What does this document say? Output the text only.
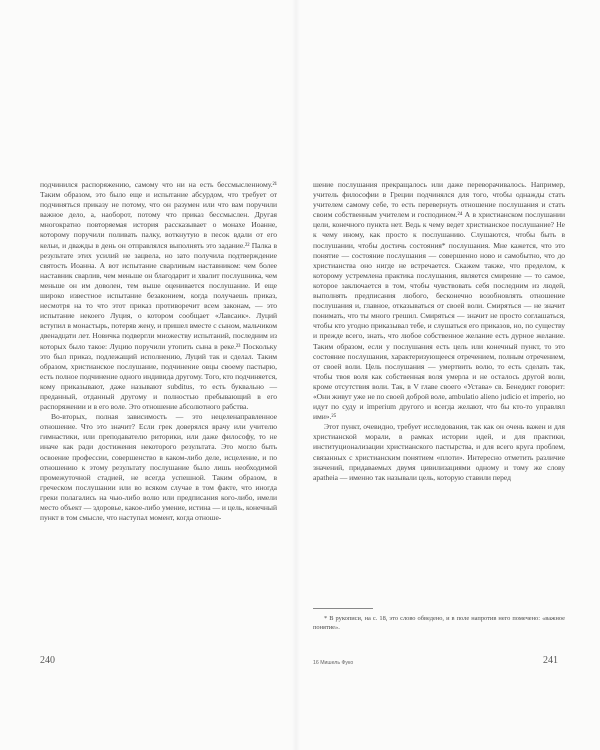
подчинился распоряжению, самому что ни на есть бессмысленному.²¹ Таким образом, это было еще и испытание абсурдом, что требует от подчиняться приказу не потому, что он разумен или что вам поручили важное дело, а, наоборот, потому что приказ бессмыслен. Другая многократно повторяемая история рассказывает о монахе Иоанне, которому поручили поливать палку, воткнутую в песок вдали от его кельи, и дважды в день он отправлялся выполнять это задание.²² Палка в результате этих усилий не зацвела, но зато получила подтверждение святость Иоанна. А вот испытание сварливым наставником: чем более наставник сварлив, чем меньше он благодарит и хвалит послушника, чем меньше он им доволен, тем выше оценивается послушание. И еще широко известное испытание безаконием, когда получаешь приказ, несмотря на то что этот приказ противоречит всем законам, — это испытание некоего Луция, о котором сообщает «Лавсаик». Луций вступил в монастырь, потеряв жену, и пришел вместе с сыном, мальчиком двенадцати лет. Новичка подвергли множеству испытаний, последним из которых было такое: Луцию поручили утопить сына в реке.²³ Поскольку это был приказ, подлежащий исполнению, Луций так и сделал. Таким образом, христианское послушание, подчинение овцы своему пастырю, есть полное подчинение одного индивида другому. Того, кто подчиняется, кому приказывают, даже называют subditus, то есть буквально — преданный, отданный другому и полностью пребывающий в его распоряжении и в его воле. Это отношение абсолютного рабства.

Во-вторых, полная зависимость — это нецеленаправленное отношение. Что это значит? Если грек доверялся врачу или учителю гимнастики, или преподавателю риторики, или даже философу, то не иначе как ради достижения некоторого результата. Это могло быть освоение профессии, совершенство в каком-либо деле, исцеление, и по отношению к этому результату послушание было лишь необходимой промежуточной стадией, не всегда успешной. Таким образом, в греческом послушании или во всяком случае в том факте, что иногда греки полагались на чью-либо волю или предписания кого-либо, имели место объект — здоровье, какое-либо умение, истина — и цель, конечный пункт в том смысле, что наступал момент, когда отноше-

шение послушания прекращалось или даже переворачивалось. Например, учитель философии в Греции подчинялся для того, чтобы однажды стать учителем самому себе, то есть перевернуть отношение послушания и стать своим собственным учителем и господином.²⁴ А в христианском послушании цели, конечного пункта нет. Ведь к чему ведет христианское послушание? Не к чему иному, как просто к послушанию. Слушаются, чтобы быть в послушании, чтобы достичь состояния* послушания. Мне кажется, что это понятие — состояние послушания — совершенно ново и самобытно, что до христианства оно нигде не встречается. Скажем также, что пределом, к которому устремлена практика послушания, является смирение — то самое, которое заключается в том, чтобы чувствовать себя последним из людей, выполнять предписания любого, бесконечно возобновлять отношение послушания и, главное, отказываться от своей воли. Смиряться — не значит понимать, что ты много грешил. Смиряться — значит не просто соглашаться, чтобы кто угодно приказывал тебе, и слушаться его приказов, но, по существу и прежде всего, знать, что любое собственное желание есть дурное желание. Таким образом, если у послушания есть цель или конечный пункт, то это состояние послушания, характеризующееся отречением, полным отречением, от своей воли. Цель послушания — умертвить волю, то есть сделать так, чтобы твоя воля как собственная воля умерла и не осталось другой воли, кроме отсутствия воли. Так, в V главе своего «Устава» св. Бенедикт говорит: «Они живут уже не по своей доброй воле, ambulatio alieno judicio et imperio, но идут по суду и imperium другого и всегда желают, что бы кто-то управлял ими».²⁵

Этот пункт, очевидно, требует исследования, так как он очень важен и для христианской морали, в рамках истории идей, и для практики, институционализации христианского пастырства, и для всего круга проблем, связанных с христианским понятием «плоти». Интересно отметить различие значений, придаваемых двумя цивилизациями одному и тому же слову apatheia — именно так называли цель, которую ставили перед

* В рукописи, на с. 18, это слово обведено, и в поле напротив него помечено: «важное понятие».
240	16 Мишель Фуко	241
